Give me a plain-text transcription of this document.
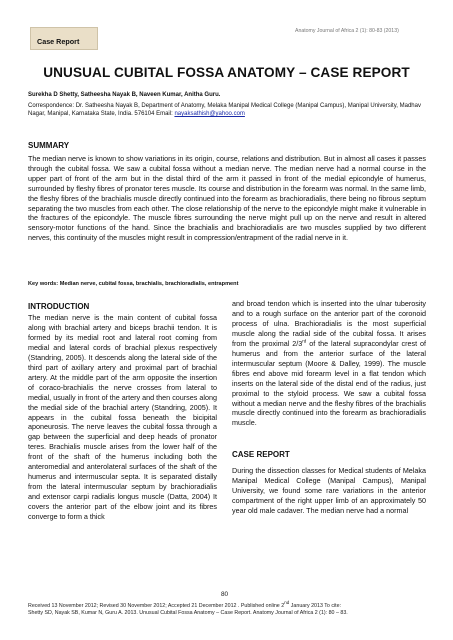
Anatomy Journal of Africa 2 (1): 80-83 (2013)
Case Report
UNUSUAL CUBITAL FOSSA ANATOMY – CASE REPORT
Surekha D Shetty, Satheesha Nayak B, Naveen Kumar, Anitha Guru.
Correspondence: Dr. Satheesha Nayak B, Department of Anatomy, Melaka Manipal Medical College (Manipal Campus), Manipal University, Madhav Nagar, Manipal, Karnataka State, India. 576104 Email: nayaksathish@yahoo.com
SUMMARY
The median nerve is known to show variations in its origin, course, relations and distribution. But in almost all cases it passes through the cubital fossa. We saw a cubital fossa without a median nerve. The median nerve had a normal course in the upper part of front of the arm but in the distal third of the arm it passed in front of the medial epicondyle of humerus, surrounded by fleshy fibres of pronator teres muscle. Its course and distribution in the forearm was normal. In the same limb, the fleshy fibres of the brachialis muscle directly continued into the forearm as brachioradialis, there being no fibrous septum separating the two muscles from each other. The close relationship of the nerve to the epicondyle might make it vulnerable in the fractures of the epicondyle. The muscle fibres surrounding the nerve might pull up on the nerve and result in altered sensory-motor functions of the hand. Since the brachialis and brachioradialis are two muscles supplied by two different nerves, this continuity of the muscles might result in compression/entrapment of the radial nerve in it.
Key words: Median nerve, cubital fossa, brachialis, brachioradialis, entrapment
INTRODUCTION
The median nerve is the main content of cubital fossa along with brachial artery and biceps brachii tendon. It is formed by its medial root and lateral root coming from medial and lateral cords of brachial plexus respectively (Standring, 2005). It descends along the lateral side of the third part of axillary artery and proximal part of brachial artery. At the middle part of the arm opposite the insertion of coraco-brachialis the nerve crosses from lateral to medial, usually in front of the artery and then courses along the medial side of the brachial artery (Standring, 2005). It appears in the cubital fossa beneath the bicipital aponeurosis. The nerve leaves the cubital fossa through a gap between the superficial and deep heads of pronator teres. Brachialis muscle arises from the lower half of the front of the shaft of the humerus including both the anteromedial and anterolateral surfaces of the shaft of the humerus and intermuscular septa. It is separated distally from the lateral intermuscular septum by brachioradialis and extensor carpi radialis longus muscle (Datta, 2004) It covers the anterior part of the elbow joint and its fibres converge to form a thick
and broad tendon which is inserted into the ulnar tuberosity and to a rough surface on the anterior part of the coronoid process of ulna. Brachioradialis is the most superficial muscle along the radial side of the cubital fossa. It arises from the proximal 2/3rd of the lateral supracondylar crest of humerus and from the anterior surface of the lateral intermuscular septum (Moore & Dalley, 1999). The muscle fibres end above mid forearm level in a flat tendon which inserts on the lateral side of the distal end of the radius, just proximal to the styloid process. We saw a cubital fossa without a median nerve and the fleshy fibres of the brachialis muscle directly continued into the forearm as brachioradialis muscle.
CASE REPORT
During the dissection classes for Medical students of Melaka Manipal Medical College (Manipal Campus), Manipal University, we found some rare variations in the anterior compartment of the right upper limb of an approximately 50 year old male cadaver. The median nerve had a normal
80
Received 13 November 2012; Revised 30 November 2012; Accepted 21 December 2012 . Published online 2nd January 2013 To cite:
Shetty SD, Nayak SB, Kumar N, Guru A. 2013. Unusual Cubital Fossa Anatomy – Case Report. Anatomy Journal of Africa 2 (1): 80 – 83.
